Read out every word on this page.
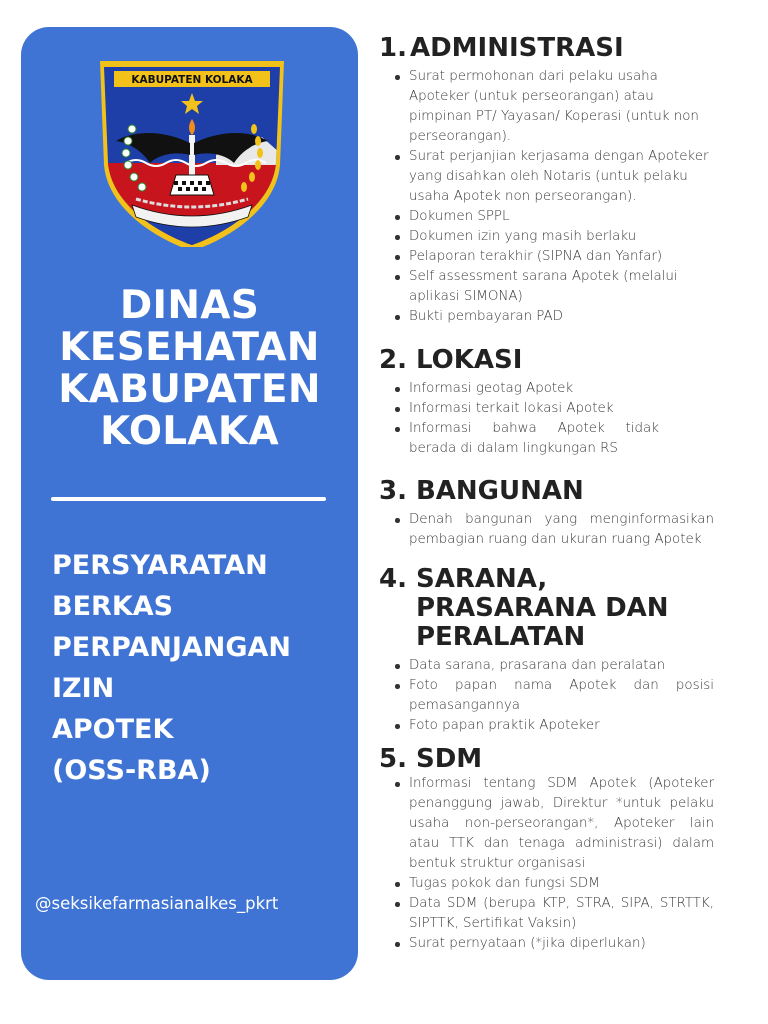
KABUPATEN KOLAKA
DINAS
KESEHATAN
KABUPATEN
KOLAKA
PERSYARATAN
BERKAS
PERPANJANGAN
IZIN
APOTEK
(OSS-RBA)
@seksikefarmasianalkes_pkrt
1. ADMINISTRASI
Surat permohonan dari pelaku usaha Apoteker (untuk perseorangan) atau pimpinan PT/ Yayasan/ Koperasi (untuk non perseorangan).
Surat perjanjian kerjasama dengan Apoteker yang disahkan oleh Notaris (untuk pelaku usaha Apotek non perseorangan).
Dokumen SPPL
Dokumen izin yang masih berlaku
Pelaporan terakhir (SIPNA dan Yanfar)
Self assessment sarana Apotek (melalui aplikasi SIMONA)
Bukti pembayaran PAD
2. LOKASI
Informasi geotag Apotek
Informasi terkait lokasi Apotek
Informasi bahwa Apotek tidak berada di dalam lingkungan RS
3. BANGUNAN
Denah bangunan yang menginformasikan pembagian ruang dan ukuran ruang Apotek
4. SARANA, PRASARANA DAN PERALATAN
Data sarana, prasarana dan peralatan
Foto papan nama Apotek dan posisi pemasangannya
Foto papan praktik Apoteker
5. SDM
Informasi tentang SDM Apotek (Apoteker penanggung jawab, Direktur *untuk pelaku usaha non-perseorangan*, Apoteker lain atau TTK dan tenaga administrasi) dalam bentuk struktur organisasi
Tugas pokok dan fungsi SDM
Data SDM (berupa KTP, STRA, SIPA, STRTTK, SIPTTK, Sertifikat Vaksin)
Surat pernyataan (*jika diperlukan)
